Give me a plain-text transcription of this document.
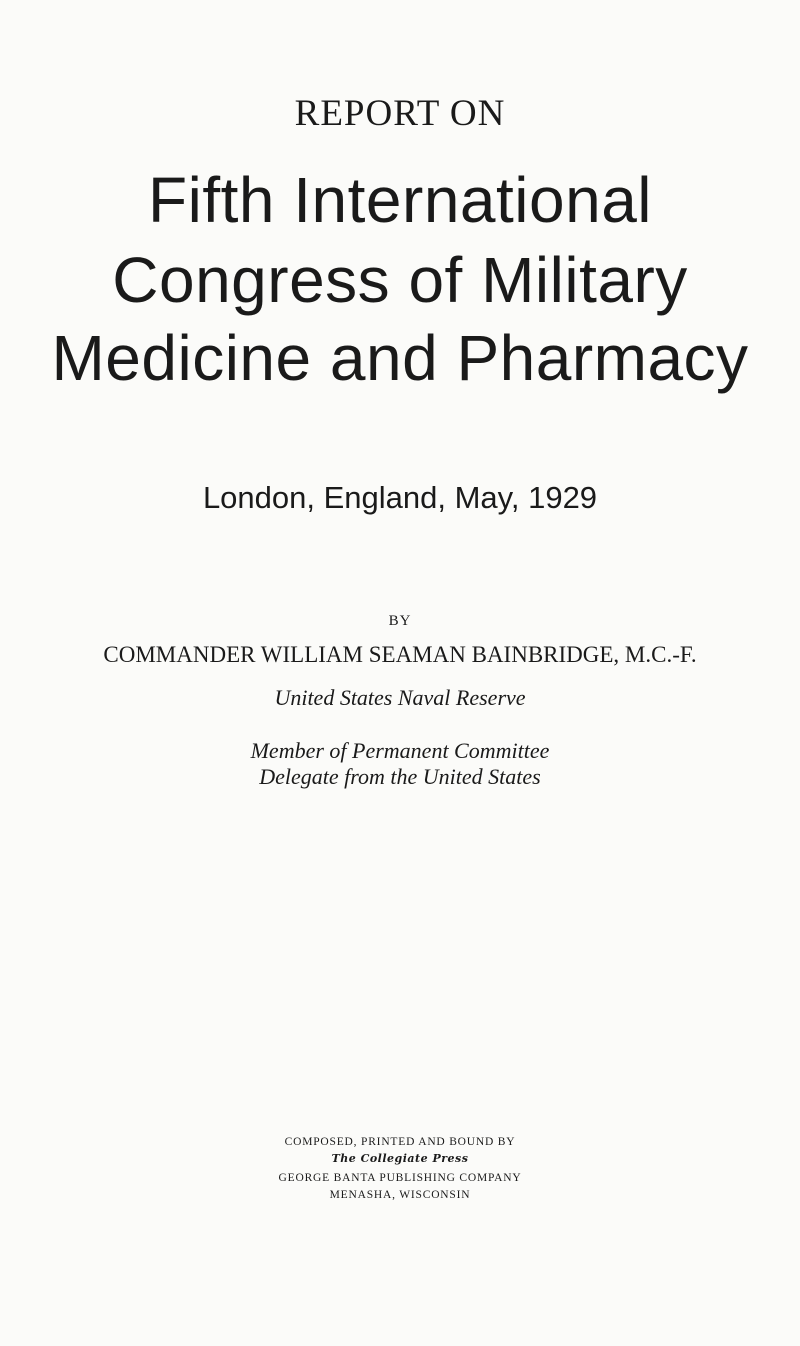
REPORT ON

Fifth International

Congress of Military

Medicine and Pharmacy

London, England, May, 1929

BY

COMMANDER WILLIAM SEAMAN BAINBRIDGE, M.C.-F.

United States Naval Reserve

Member of Permanent Committee

Delegate from the United States

COMPOSED, PRINTED AND BOUND BY

The Collegiate Press

GEORGE BANTA PUBLISHING COMPANY

MENASHA, WISCONSIN
